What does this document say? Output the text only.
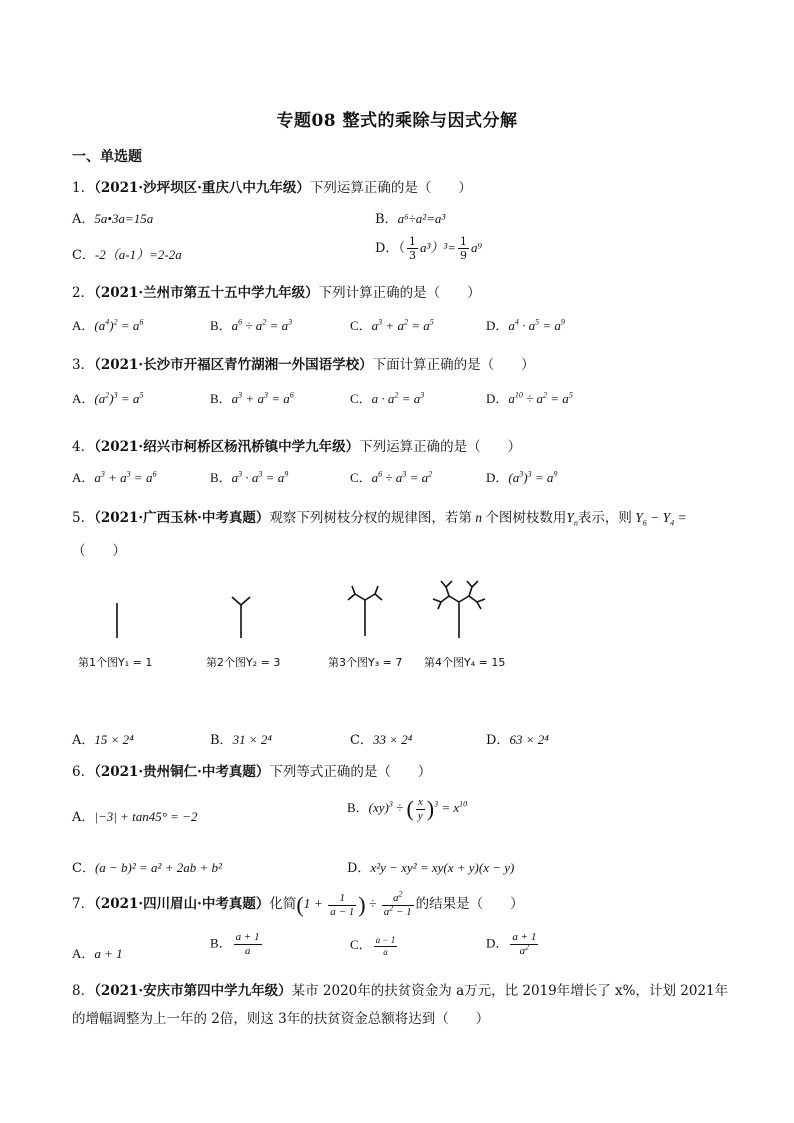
专题08 整式的乘除与因式分解
一、单选题
1．（2021·沙坪坝区·重庆八中九年级）下列运算正确的是（　　）
A．5a•3a=15a	B．a⁶÷a²=a³
C．-2（a-1）=2-2a	D．（ $\frac{1}{3} a^3)^3= \frac{1}{9} a^9$
2．（2021·兰州市第五十五中学九年级）下列计算正确的是（　　）
A．$(a^4)^2 = a^6$	B．$a^6 \div a^2 = a^3$	C．$a^3 + a^2 = a^5$	D．$a^4 \cdot a^5 = a^9$
3．（2021·长沙市开福区青竹湖湘一外国语学校）下面计算正确的是（　　）
A．$(a^2)^3 = a^5$	B．$a^3 + a^3 = a^6$	C．$a \cdot a^2 = a^3$	D．$a^{10} \div a^2 = a^5$
4．（2021·绍兴市柯桥区杨汛桥镇中学九年级）下列运算正确的是（　　）
A．$a^3 + a^3 = a^6$	B．$a^3 \cdot a^3 = a^9$	C．$a^6 \div a^3 = a^2$	D．$(a^3)^3 = a^9$
5．（2021·广西玉林·中考真题）观察下列树枝分杈的规律图，若第 n 个图树枝数用$Y_n$表示，则 $Y_6 - Y_4$ =
（　　）
第1个图Y₁ = 1	第2个图Y₂ = 3	第3个图Y₃ = 7 第4个图Y₄ = 15
A．15 × 2⁴	B．31 × 2⁴	C．33 × 2⁴	D．63 × 2⁴
6．（2021·贵州铜仁·中考真题）下列等式正确的是（　　）
A．|−3| + tan45° = −2
B．(xy)$^3$ ÷ ( $\frac{x}{y} )^3 = x^{10}$
C．(a − b)² = a² + 2ab + b²	D．x²y − xy² = xy(x + y)(x − y)
7．（2021·四川眉山·中考真题）化简($1 + \frac{1}{a - 1}$ ) ÷ $\frac{a^2}{a^2 - 1}$ 的结果是（　　）
A．a + 1
B． $\frac{a + 1}{a}$	C． $\frac{a - 1}{a}$	D． $\frac{a + 1}{a^2}$
8．（2021·安庆市第四中学九年级）某市 2020年的扶贫资金为 a万元，比 2019年增长了 x%，计划 2021年
的增幅调整为上一年的 2倍，则这 3年的扶贫资金总额将达到（　　）
